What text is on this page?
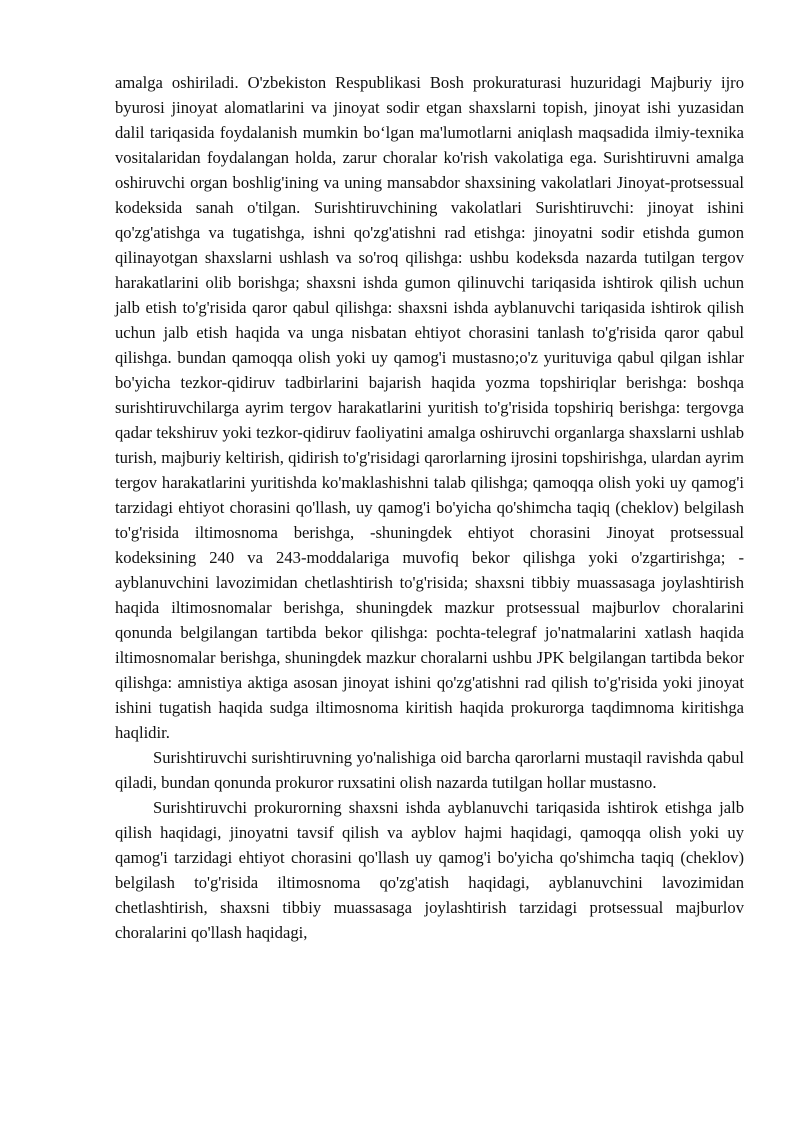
amalga oshiriladi. O'zbekiston Respublikasi Bosh prokuraturasi huzuridagi Majburiy ijro byurosi jinoyat alomatlarini va jinoyat sodir etgan shaxslarni topish, jinoyat ishi yuzasidan dalil tariqasida foydalanish mumkin bo‘lgan ma'lumotlarni aniqlash maqsadida ilmiy-texnika vositalaridan foydalangan holda, zarur choralar ko'rish vakolatiga ega. Surishtiruvni amalga oshiruvchi organ boshlig'ining va uning mansabdor shaxsining vakolatlari Jinoyat-protsessual kodeksida sanah o'tilgan. Surishtiruvchining vakolatlari Surishtiruvchi: jinoyat ishini qo'zg'atishga va tugatishga, ishni qo'zg'atishni rad etishga: jinoyatni sodir etishda gumon qilinayotgan shaxslarni ushlash va so'roq qilishga: ushbu kodeksda nazarda tutilgan tergov harakatlarini olib borishga; shaxsni ishda gumon qilinuvchi tariqasida ishtirok qilish uchun jalb etish to'g'risida qaror qabul qilishga: shaxsni ishda ayblanuvchi tariqasida ishtirok qilish uchun jalb etish haqida va unga nisbatan ehtiyot chorasini tanlash to'g'risida qaror qabul qilishga. bundan qamoqqa olish yoki uy qamog'i mustasno;o'z yurituviga qabul qilgan ishlar bo'yicha tezkor-qidiruv tadbirlarini bajarish haqida yozma topshiriqlar berishga: boshqa surishtiruvchilarga ayrim tergov harakatlarini yuritish to'g'risida topshiriq berishga: tergovga qadar tekshiruv yoki tezkor-qidiruv faoliyatini amalga oshiruvchi organlarga shaxslarni ushlab turish, majburiy keltirish, qidirish to'g'risidagi qarorlarning ijrosini topshirishga, ulardan ayrim tergov harakatlarini yuritishda ko'maklashishni talab qilishga; qamoqqa olish yoki uy qamog'i tarzidagi ehtiyot chorasini qo'llash, uy qamog'i bo'yicha qo'shimcha taqiq (cheklov) belgilash to'g'risida iltimosnoma berishga, -shuningdek ehtiyot chorasini Jinoyat protsessual kodeksining 240 va 243-moddalariga muvofiq bekor qilishga yoki o'zgartirishga; -ayblanuvchini lavozimidan chetlashtirish to'g'risida; shaxsni tibbiy muassasaga joylashtirish haqida iltimosnomalar berishga, shuningdek mazkur protsessual majburlov choralarini qonunda belgilangan tartibda bekor qilishga: pochta-telegraf jo'natmalarini xatlash haqida iltimosnomalar berishga, shuningdek mazkur choralarni ushbu JPK belgilangan tartibda bekor qilishga: amnistiya aktiga asosan jinoyat ishini qo'zg'atishni rad qilish to'g'risida yoki jinoyat ishini tugatish haqida sudga iltimosnoma kiritish haqida prokurorga taqdimnoma kiritishga haqlidir.

Surishtiruvchi surishtiruvning yo'nalishiga oid barcha qarorlarni mustaqil ravishda qabul qiladi, bundan qonunda prokuror ruxsatini olish nazarda tutilgan hollar mustasno.

Surishtiruvchi prokurorning shaxsni ishda ayblanuvchi tariqasida ishtirok etishga jalb qilish haqidagi, jinoyatni tavsif qilish va ayblov hajmi haqidagi, qamoqqa olish yoki uy qamog'i tarzidagi ehtiyot chorasini qo'llash uy qamog'i bo'yicha qo'shimcha taqiq (cheklov) belgilash to'g'risida iltimosnoma qo'zg'atish haqidagi, ayblanuvchini lavozimidan chetlashtirish, shaxsni tibbiy muassasaga joylashtirish tarzidagi protsessual majburlov choralarini qo'llash haqidagi,
